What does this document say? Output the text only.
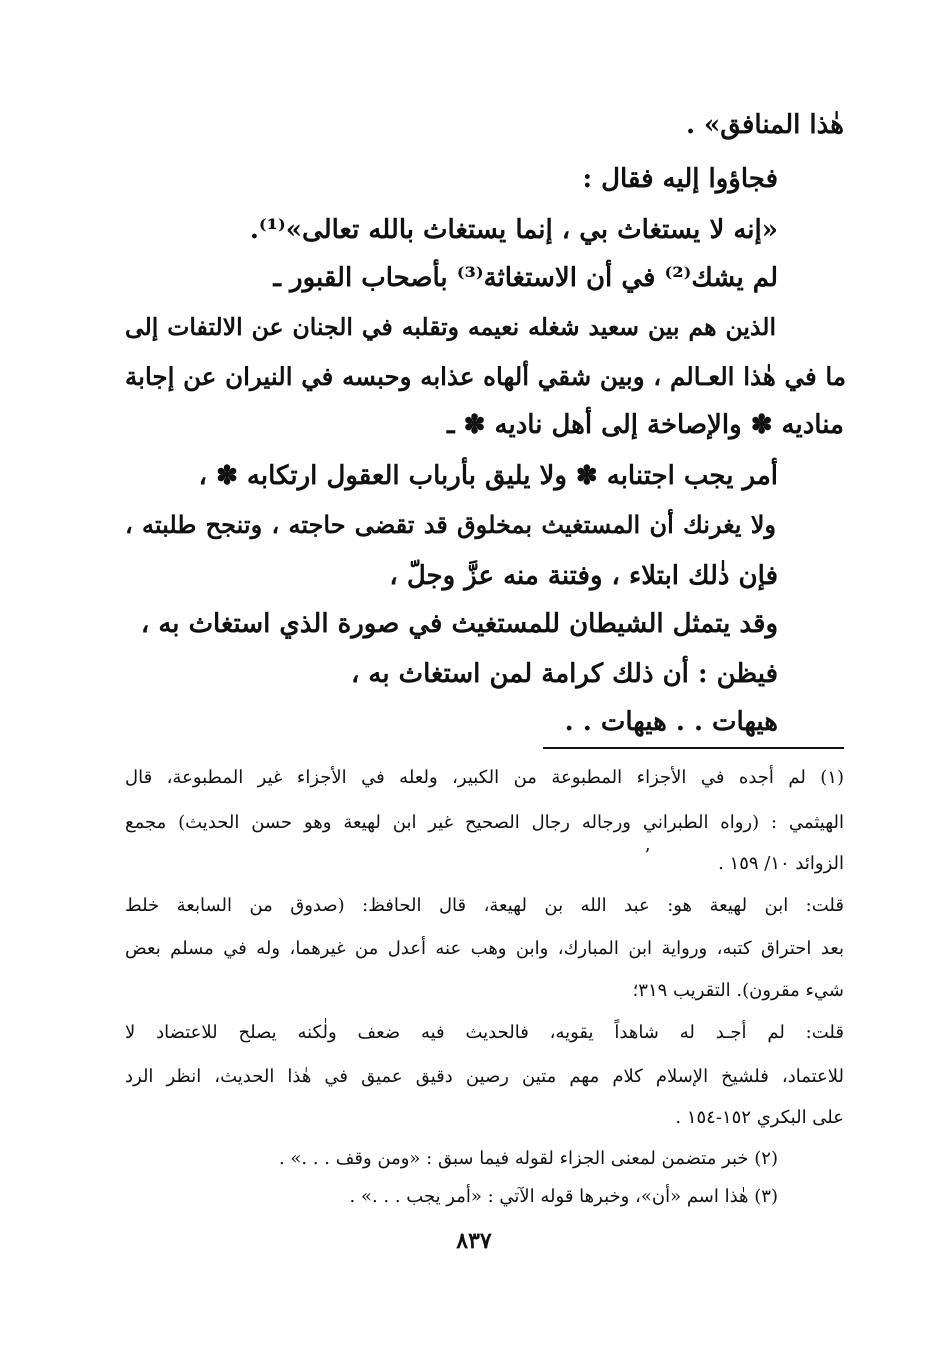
هٰذا المنافق» .

فجاؤوا إليه فقال :

«إنه لا يستغاث بي ، إنما يستغاث بالله تعالى»⁽¹⁾.

لم يشك⁽²⁾ في أن الاستغاثة⁽³⁾ بأصحاب القبور ـ

الذين هم بين سعيد شغله نعيمه وتقلبه في الجنان عن الالتفات إلى

ما في هٰذا العـالم ، وبين شقي ألهاه عذابه وحبسه في النيران عن إجابة

مناديه ✽ والإصاخة إلى أهل ناديه ✽ ـ

أمر يجب اجتنابه ✽ ولا يليق بأرباب العقول ارتكابه ✽ ،

ولا يغرنك أن المستغيث بمخلوق قد تقضى حاجته ، وتنجح طلبته ،

فإن ذٰلك ابتلاء ، وفتنة منه عزَّ وجلّ ،

وقد يتمثل الشيطان للمستغيث في صورة الذي استغاث به ،

فيظن : أن ذلك كرامة لمن استغاث به ،

هيهات . . هيهات . .

(١) لم أجده في الأجزاء المطبوعة من الكبير، ولعله في الأجزاء غير المطبوعة، قال

الهيثمي : (رواه الطبراني ورجاله رجال الصحيح غير ابن لهيعة وهو حسن الحديث) مجمع

الزوائد ١٠/ ١٥٩ .

ʼ

قلت: ابن لهيعة هو: عبد الله بن لهيعة، قال الحافظ: (صدوق من السابعة خلط

بعد احتراق كتبه، ورواية ابن المبارك، وابن وهب عنه أعدل من غيرهما، وله في مسلم بعض

شيء مقرون). التقريب ٣١٩؛

قلت: لم أجـد له شاهداً يقويه، فالحديث فيه ضعف ولٰكنه يصلح للاعتضاد لا

للاعتماد، فلشيخ الإسلام كلام مهم متين رصين دقيق عميق في هٰذا الحديث، انظر الرد

على البكري ١٥٢-١٥٤ .

(٢) خبر متضمن لمعنى الجزاء لقوله فيما سبق : «ومن وقف . . .» .

(٣) هٰذا اسم «أن»، وخبرها قوله الآتي : «أمر يجب . . .» .

٨٣٧
